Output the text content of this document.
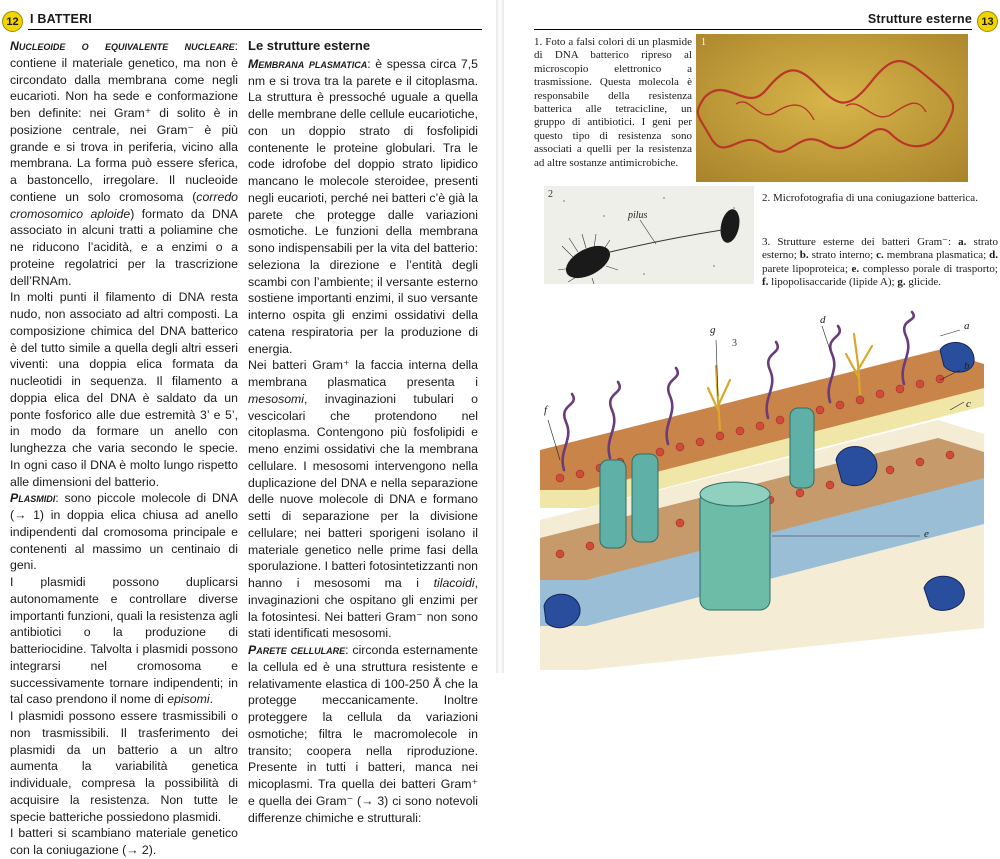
12 I BATTERI

Nucleoide o equivalente nucleare: contiene il materiale genetico, ma non è circondato dalla membrana come negli eucarioti. Non ha sede e conformazione ben definite: nei Gram⁺ di solito è in posizione centrale, nei Gram⁻ è più grande e si trova in periferia, vicino alla membrana. La forma può essere sferica, a bastoncello, irregolare. Il nucleoide contiene un solo cromosoma (corredo cromosomico aploide) formato da DNA associato in alcuni tratti a poliamine che ne riducono l’acidità, e a enzimi o a proteine regolatrici per la trascrizione dell’RNAm.

In molti punti il filamento di DNA resta nudo, non associato ad altri composti. La composizione chimica del DNA batterico è del tutto simile a quella degli altri esseri viventi: una doppia elica formata da nucleotidi in sequenza. Il filamento a doppia elica del DNA è saldato da un ponte fosforico alle due estremità 3’ e 5’, in modo da formare un anello con lunghezza che varia secondo le specie. In ogni caso il DNA è molto lungo rispetto alle dimensioni del batterio.

Plasmidi: sono piccole molecole di DNA (→ 1) in doppia elica chiusa ad anello indipendenti dal cromosoma principale e contenenti al massimo un centinaio di geni.

I plasmidi possono duplicarsi autonomamente e controllare diverse importanti funzioni, quali la resistenza agli antibiotici o la produzione di batteriocidine. Talvolta i plasmidi possono integrarsi nel cromosoma e successivamente tornare indipendenti; in tal caso prendono il nome di episomi.

I plasmidi possono essere trasmissibili o non trasmissibili. Il trasferimento dei plasmidi da un batterio a un altro aumenta la variabilità genetica individuale, compresa la possibilità di acquisire la resistenza. Non tutte le specie batteriche possiedono plasmidi.

I batteri si scambiano materiale genetico con la coniugazione (→ 2).

Le strutture esterne

Membrana plasmatica: è spessa circa 7,5 nm e si trova tra la parete e il citoplasma. La struttura è pressoché uguale a quella delle membrane delle cellule eucariotiche, con un doppio strato di fosfolipidi contenente le proteine globulari. Tra le code idrofobe del doppio strato lipidico mancano le molecole steroidee, presenti negli eucarioti, perché nei batteri c’è già la parete che protegge dalle variazioni osmotiche. Le funzioni della membrana sono indispensabili per la vita del batterio: seleziona la direzione e l’entità degli scambi con l’ambiente; il versante esterno sostiene importanti enzimi, il suo versante interno ospita gli enzimi ossidativi della catena respiratoria per la produzione di energia.

Nei batteri Gram⁺ la faccia interna della membrana plasmatica presenta i mesosomi, invaginazioni tubulari o vescicolari che protendono nel citoplasma. Contengono più fosfolipidi e meno enzimi ossidativi che la membrana cellulare. I mesosomi intervengono nella duplicazione del DNA e nella separazione delle nuove molecole di DNA e formano setti di separazione per la divisione cellulare; nei batteri sporigeni isolano il materiale genetico nelle prime fasi della sporulazione. I batteri fotosintetizzanti non hanno i mesosomi ma i tilacoidi, invaginazioni che ospitano gli enzimi per la fotosintesi. Nei batteri Gram⁻ non sono stati identificati mesosomi.

Parete cellulare: circonda esternamente la cellula ed è una struttura resistente e relativamente elastica di 100-250 Å che la protegge meccanicamente. Inoltre proteggere la cellula da variazioni osmotiche; filtra le macromolecole in transito; coopera nella riproduzione. Presente in tutti i batteri, manca nei micoplasmi. Tra quella dei batteri Gram⁺ e quella dei Gram⁻ (→ 3) ci sono notevoli differenze chimiche e strutturali:

Strutture esterne 13
1. Foto a falsi colori di un plasmide di DNA batterico ripreso al microscopio elettronico a trasmissione. Questa molecola è responsabile della resistenza batterica alle tetracicline, un gruppo di antibiotici. I geni per questo tipo di resistenza sono associati a quelli per la resistenza ad altre sostanze antimicrobiche.
1
pilus
2	2. Microfotografia di una coniugazione batterica.
3. Strutture esterne dei batteri Gram⁻: a. strato esterno; b. strato interno; c. membrana plasmatica; d. parete lipoproteica; e. complesso porale di trasporto; f. lipopolisaccaride (lipide A); g. glicide.
3
a
b
c
d
e
f
g
